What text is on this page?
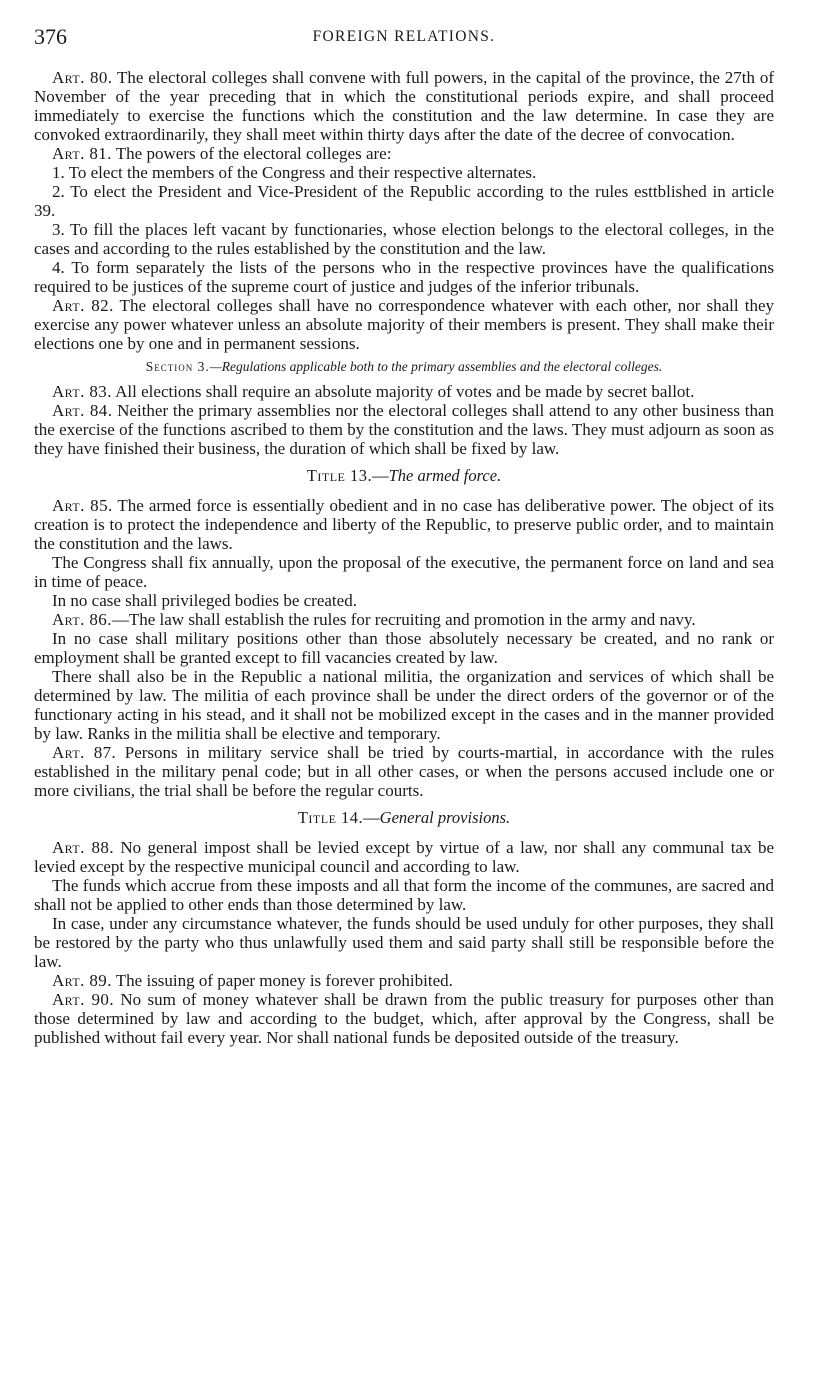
376	FOREIGN RELATIONS.

Art. 80. The electoral colleges shall convene with full powers, in the capital of the province, the 27th of November of the year preceding that in which the constitutional periods expire, and shall proceed immediately to exercise the functions which the constitution and the law determine. In case they are convoked extraordinarily, they shall meet within thirty days after the date of the decree of convocation.

Art. 81. The powers of the electoral colleges are:

1. To elect the members of the Congress and their respective alternates.

2. To elect the President and Vice-President of the Republic according to the rules esttblished in article 39.

3. To fill the places left vacant by functionaries, whose election belongs to the electoral colleges, in the cases and according to the rules established by the constitution and the law.

4. To form separately the lists of the persons who in the respective provinces have the qualifications required to be justices of the supreme court of justice and judges of the inferior tribunals.

Art. 82. The electoral colleges shall have no correspondence whatever with each other, nor shall they exercise any power whatever unless an absolute majority of their members is present. They shall make their elections one by one and in permanent sessions.

Section 3.—Regulations applicable both to the primary assemblies and the electoral colleges.

Art. 83. All elections shall require an absolute majority of votes and be made by secret ballot.

Art. 84. Neither the primary assemblies nor the electoral colleges shall attend to any other business than the exercise of the functions ascribed to them by the constitution and the laws. They must adjourn as soon as they have finished their business, the duration of which shall be fixed by law.

Title 13.—The armed force.

Art. 85. The armed force is essentially obedient and in no case has deliberative power. The object of its creation is to protect the independence and liberty of the Republic, to preserve public order, and to maintain the constitution and the laws.

The Congress shall fix annually, upon the proposal of the executive, the permanent force on land and sea in time of peace.

In no case shall privileged bodies be created.

Art. 86.—The law shall establish the rules for recruiting and promotion in the army and navy.

In no case shall military positions other than those absolutely necessary be created, and no rank or employment shall be granted except to fill vacancies created by law.

There shall also be in the Republic a national militia, the organization and services of which shall be determined by law. The militia of each province shall be under the direct orders of the governor or of the functionary acting in his stead, and it shall not be mobilized except in the cases and in the manner provided by law. Ranks in the militia shall be elective and temporary.

Art. 87. Persons in military service shall be tried by courts-martial, in accordance with the rules established in the military penal code; but in all other cases, or when the persons accused include one or more civilians, the trial shall be before the regular courts.

Title 14.—General provisions.

Art. 88. No general impost shall be levied except by virtue of a law, nor shall any communal tax be levied except by the respective municipal council and according to law.

The funds which accrue from these imposts and all that form the income of the communes, are sacred and shall not be applied to other ends than those determined by law.

In case, under any circumstance whatever, the funds should be used unduly for other purposes, they shall be restored by the party who thus unlawfully used them and said party shall still be responsible before the law.

Art. 89. The issuing of paper money is forever prohibited.

Art. 90. No sum of money whatever shall be drawn from the public treasury for purposes other than those determined by law and according to the budget, which, after approval by the Congress, shall be published without fail every year. Nor shall national funds be deposited outside of the treasury.
